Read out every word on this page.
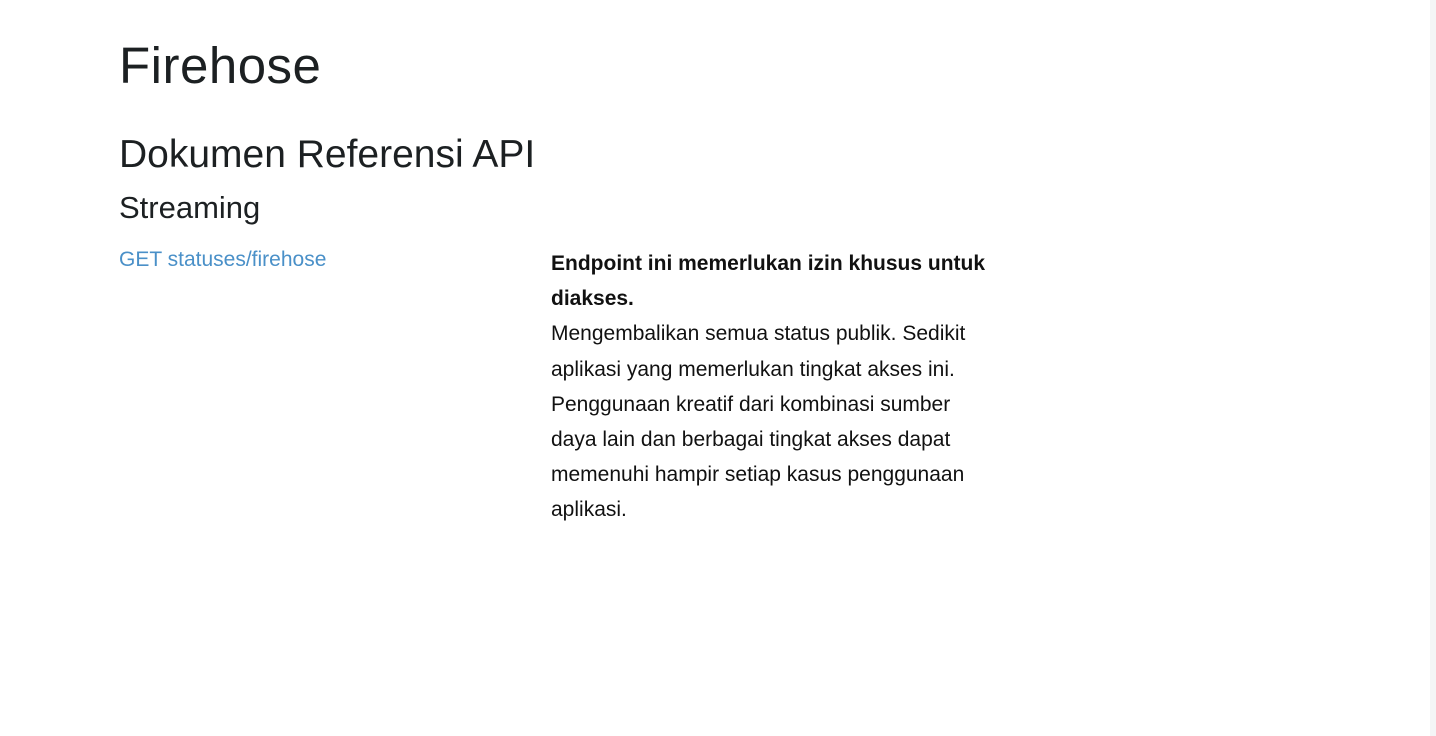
Firehose
Dokumen Referensi API
Streaming
GET statuses/firehose	Endpoint ini memerlukan izin khusus untuk diakses.
Mengembalikan semua status publik. Sedikit aplikasi yang memerlukan tingkat akses ini. Penggunaan kreatif dari kombinasi sumber daya lain dan berbagai tingkat akses dapat memenuhi hampir setiap kasus penggunaan aplikasi.
